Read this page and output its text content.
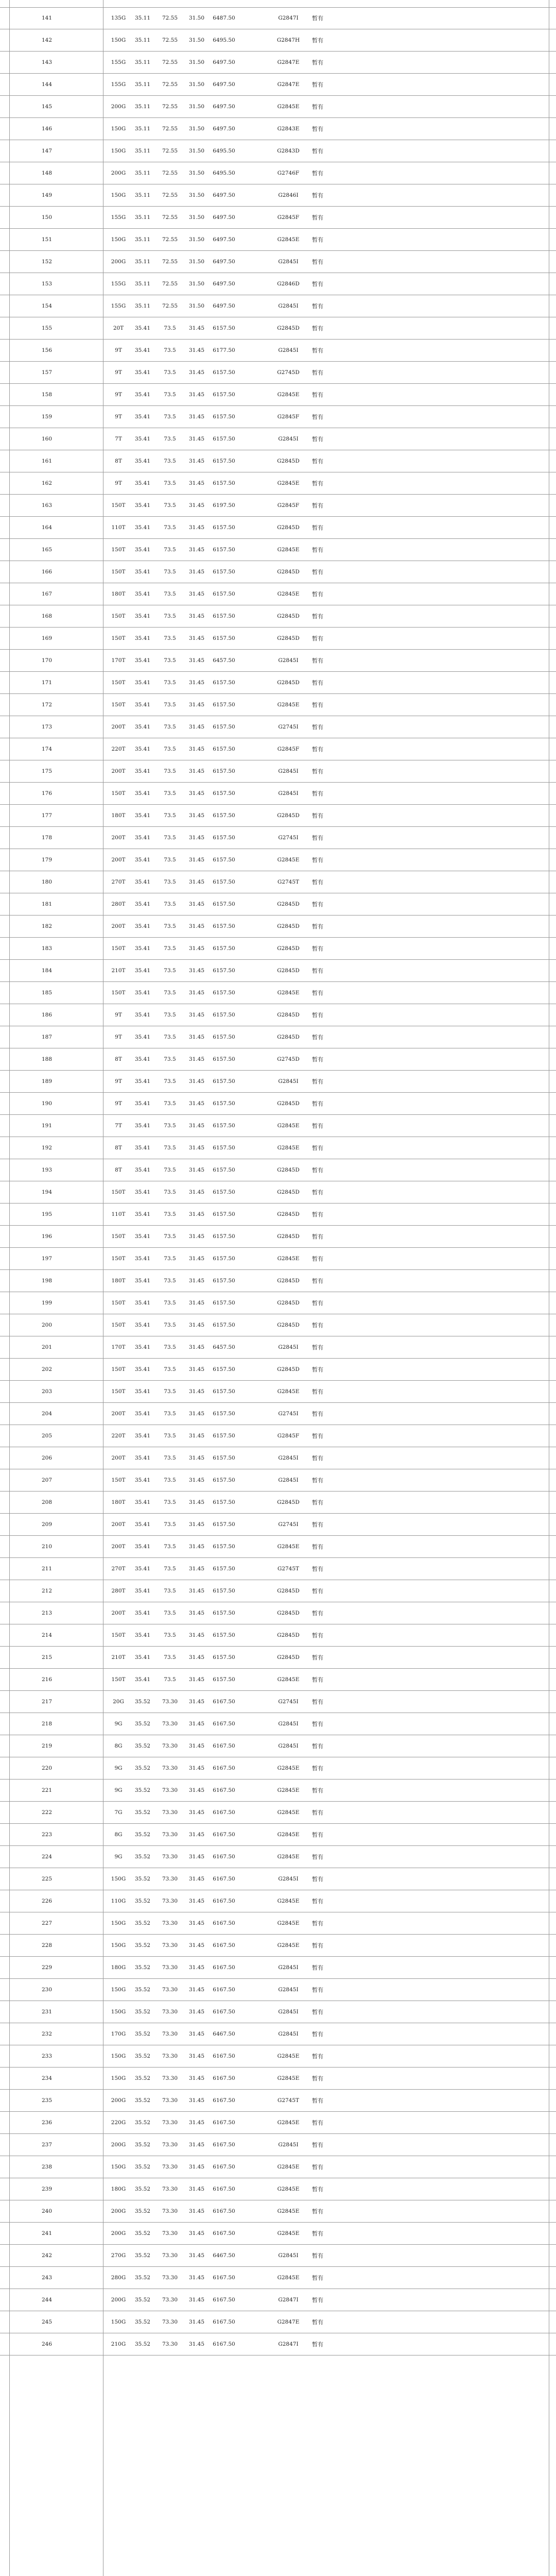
141	135G	35.11	72.55	31.50	6487.50	G2847I	暂有
142	150G	35.11	72.55	31.50	6495.50	G2847H	暂有
143	155G	35.11	72.55	31.50	6497.50	G2847E	暂有
144	155G	35.11	72.55	31.50	6497.50	G2847E	暂有
145	200G	35.11	72.55	31.50	6497.50	G2845E	暂有
146	150G	35.11	72.55	31.50	6497.50	G2843E	暂有
147	150G	35.11	72.55	31.50	6495.50	G2843D	暂有
148	200G	35.11	72.55	31.50	6495.50	G2746F	暂有
149	150G	35.11	72.55	31.50	6497.50	G2846I	暂有
150	155G	35.11	72.55	31.50	6497.50	G2845F	暂有
151	150G	35.11	72.55	31.50	6497.50	G2845E	暂有
152	200G	35.11	72.55	31.50	6497.50	G2845I	暂有
153	155G	35.11	72.55	31.50	6497.50	G2846D	暂有
154	155G	35.11	72.55	31.50	6497.50	G2845I	暂有
155	20T	35.41	73.5	31.45	6157.50	G2845D	暂有
156	9T	35.41	73.5	31.45	6177.50	G2845I	暂有
157	9T	35.41	73.5	31.45	6157.50	G2745D	暂有
158	9T	35.41	73.5	31.45	6157.50	G2845E	暂有
159	9T	35.41	73.5	31.45	6157.50	G2845F	暂有
160	7T	35.41	73.5	31.45	6157.50	G2845I	暂有
161	8T	35.41	73.5	31.45	6157.50	G2845D	暂有
162	9T	35.41	73.5	31.45	6157.50	G2845E	暂有
163	150T	35.41	73.5	31.45	6197.50	G2845F	暂有
164	110T	35.41	73.5	31.45	6157.50	G2845D	暂有
165	150T	35.41	73.5	31.45	6157.50	G2845E	暂有
166	150T	35.41	73.5	31.45	6157.50	G2845D	暂有
167	180T	35.41	73.5	31.45	6157.50	G2845E	暂有
168	150T	35.41	73.5	31.45	6157.50	G2845D	暂有
169	150T	35.41	73.5	31.45	6157.50	G2845D	暂有
170	170T	35.41	73.5	31.45	6457.50	G2845I	暂有
171	150T	35.41	73.5	31.45	6157.50	G2845D	暂有
172	150T	35.41	73.5	31.45	6157.50	G2845E	暂有
173	200T	35.41	73.5	31.45	6157.50	G2745I	暂有
174	220T	35.41	73.5	31.45	6157.50	G2845F	暂有
175	200T	35.41	73.5	31.45	6157.50	G2845I	暂有
176	150T	35.41	73.5	31.45	6157.50	G2845I	暂有
177	180T	35.41	73.5	31.45	6157.50	G2845D	暂有
178	200T	35.41	73.5	31.45	6157.50	G2745I	暂有
179	200T	35.41	73.5	31.45	6157.50	G2845E	暂有
180	270T	35.41	73.5	31.45	6157.50	G2745T	暂有
181	280T	35.41	73.5	31.45	6157.50	G2845D	暂有
182	200T	35.41	73.5	31.45	6157.50	G2845D	暂有
183	150T	35.41	73.5	31.45	6157.50	G2845D	暂有
184	210T	35.41	73.5	31.45	6157.50	G2845D	暂有
185	150T	35.41	73.5	31.45	6157.50	G2845E	暂有
186	9T	35.41	73.5	31.45	6157.50	G2845D	暂有
187	9T	35.41	73.5	31.45	6157.50	G2845D	暂有
188	8T	35.41	73.5	31.45	6157.50	G2745D	暂有
189	9T	35.41	73.5	31.45	6157.50	G2845I	暂有
190	9T	35.41	73.5	31.45	6157.50	G2845D	暂有
191	7T	35.41	73.5	31.45	6157.50	G2845E	暂有
192	8T	35.41	73.5	31.45	6157.50	G2845E	暂有
193	8T	35.41	73.5	31.45	6157.50	G2845D	暂有
194	150T	35.41	73.5	31.45	6157.50	G2845D	暂有
195	110T	35.41	73.5	31.45	6157.50	G2845D	暂有
196	150T	35.41	73.5	31.45	6157.50	G2845D	暂有
197	150T	35.41	73.5	31.45	6157.50	G2845E	暂有
198	180T	35.41	73.5	31.45	6157.50	G2845D	暂有
199	150T	35.41	73.5	31.45	6157.50	G2845D	暂有
200	150T	35.41	73.5	31.45	6157.50	G2845D	暂有
201	170T	35.41	73.5	31.45	6457.50	G2845I	暂有
202	150T	35.41	73.5	31.45	6157.50	G2845D	暂有
203	150T	35.41	73.5	31.45	6157.50	G2845E	暂有
204	200T	35.41	73.5	31.45	6157.50	G2745I	暂有
205	220T	35.41	73.5	31.45	6157.50	G2845F	暂有
206	200T	35.41	73.5	31.45	6157.50	G2845I	暂有
207	150T	35.41	73.5	31.45	6157.50	G2845I	暂有
208	180T	35.41	73.5	31.45	6157.50	G2845D	暂有
209	200T	35.41	73.5	31.45	6157.50	G2745I	暂有
210	200T	35.41	73.5	31.45	6157.50	G2845E	暂有
211	270T	35.41	73.5	31.45	6157.50	G2745T	暂有
212	280T	35.41	73.5	31.45	6157.50	G2845D	暂有
213	200T	35.41	73.5	31.45	6157.50	G2845D	暂有
214	150T	35.41	73.5	31.45	6157.50	G2845D	暂有
215	210T	35.41	73.5	31.45	6157.50	G2845D	暂有
216	150T	35.41	73.5	31.45	6157.50	G2845E	暂有
217	20G	35.52	73.30	31.45	6167.50	G2745I	暂有
218	9G	35.52	73.30	31.45	6167.50	G2845I	暂有
219	8G	35.52	73.30	31.45	6167.50	G2845I	暂有
220	9G	35.52	73.30	31.45	6167.50	G2845E	暂有
221	9G	35.52	73.30	31.45	6167.50	G2845E	暂有
222	7G	35.52	73.30	31.45	6167.50	G2845E	暂有
223	8G	35.52	73.30	31.45	6167.50	G2845E	暂有
224	9G	35.52	73.30	31.45	6167.50	G2845E	暂有
225	150G	35.52	73.30	31.45	6167.50	G2845I	暂有
226	110G	35.52	73.30	31.45	6167.50	G2845E	暂有
227	150G	35.52	73.30	31.45	6167.50	G2845E	暂有
228	150G	35.52	73.30	31.45	6167.50	G2845E	暂有
229	180G	35.52	73.30	31.45	6167.50	G2845I	暂有
230	150G	35.52	73.30	31.45	6167.50	G2845I	暂有
231	150G	35.52	73.30	31.45	6167.50	G2845I	暂有
232	170G	35.52	73.30	31.45	6467.50	G2845I	暂有
233	150G	35.52	73.30	31.45	6167.50	G2845E	暂有
234	150G	35.52	73.30	31.45	6167.50	G2845E	暂有
235	200G	35.52	73.30	31.45	6167.50	G2745T	暂有
236	220G	35.52	73.30	31.45	6167.50	G2845E	暂有
237	200G	35.52	73.30	31.45	6167.50	G2845I	暂有
238	150G	35.52	73.30	31.45	6167.50	G2845E	暂有
239	180G	35.52	73.30	31.45	6167.50	G2845E	暂有
240	200G	35.52	73.30	31.45	6167.50	G2845E	暂有
241	200G	35.52	73.30	31.45	6167.50	G2845E	暂有
242	270G	35.52	73.30	31.45	6467.50	G2845I	暂有
243	280G	35.52	73.30	31.45	6167.50	G2845E	暂有
244	200G	35.52	73.30	31.45	6167.50	G2847I	暂有
245	150G	35.52	73.30	31.45	6167.50	G2847E	暂有
246	210G	35.52	73.30	31.45	6167.50	G2847I	暂有
